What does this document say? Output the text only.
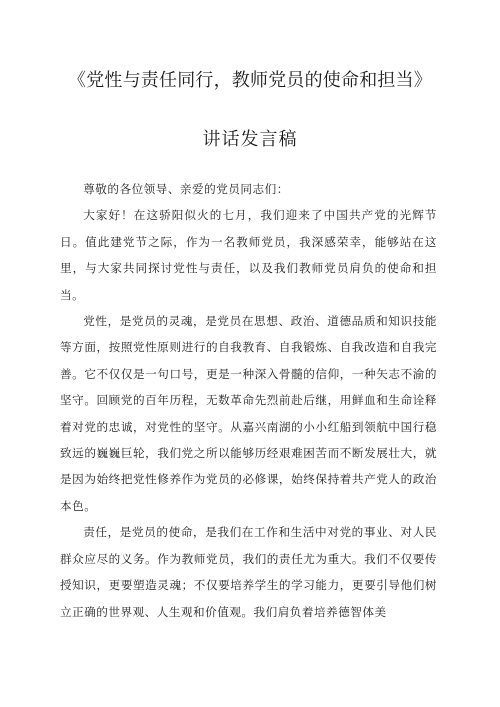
《党性与责任同行，教师党员的使命和担当》
讲话发言稿

尊敬的各位领导、亲爱的党员同志们：

大家好！在这骄阳似火的七月，我们迎来了中国共产党的光辉节日。值此建党节之际，作为一名教师党员，我深感荣幸，能够站在这里，与大家共同探讨党性与责任，以及我们教师党员肩负的使命和担当。

党性，是党员的灵魂，是党员在思想、政治、道德品质和知识技能等方面，按照党性原则进行的自我教育、自我锻炼、自我改造和自我完善。它不仅仅是一句口号，更是一种深入骨髓的信仰，一种矢志不渝的坚守。回顾党的百年历程，无数革命先烈前赴后继，用鲜血和生命诠释着对党的忠诚，对党性的坚守。从嘉兴南湖的小小红船到领航中国行稳致远的巍巍巨轮，我们党之所以能够历经艰难困苦而不断发展壮大，就是因为始终把党性修养作为党员的必修课，始终保持着共产党人的政治本色。

责任，是党员的使命，是我们在工作和生活中对党的事业、对人民群众应尽的义务。作为教师党员，我们的责任尤为重大。我们不仅要传授知识，更要塑造灵魂；不仅要培养学生的学习能力，更要引导他们树立正确的世界观、人生观和价值观。我们肩负着培养德智体美
